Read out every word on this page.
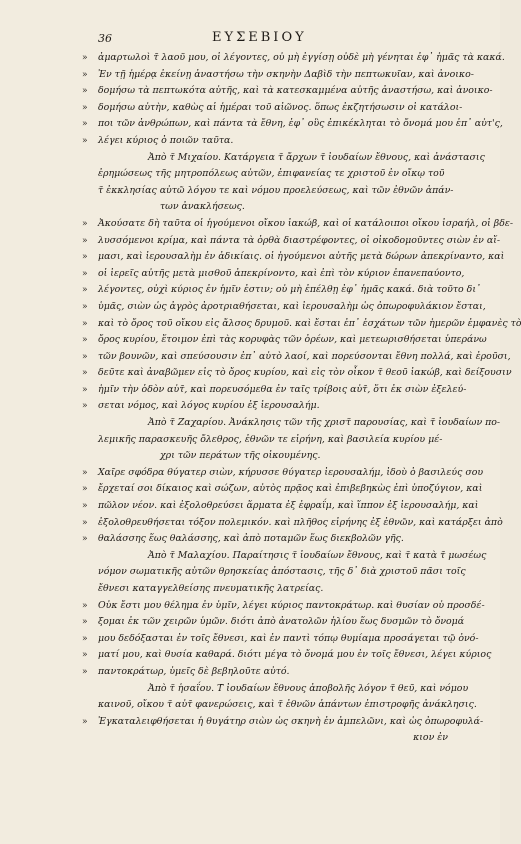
36	ΕΥΣΕΒΙΟΥ
» ἀμαρτωλοὶ τ̃ λαοῦ μου, οἱ λέγοντες, οὐ μὴ ἐγγίσῃ οὐδὲ μὴ γένηται ἐφ᾽ ἡμᾶς τὰ κακά.
» Ἐν τῇ ἡμέρᾳ ἐκείνῃ ἀναστήσω τὴν σκηνὴν Δαβὶδ τὴν πεπτωκυῖαν, καὶ ἀνοικο-
» δομήσω τὰ πεπτωκότα αὐτῆς, καὶ τὰ κατεσκαμμένα αὐτῆς ἀναστήσω, καὶ ἀνοικο-
» δομήσω αὐτὴν, καθὼς αἱ ἡμέραι τοῦ αἰῶνος. ὅπως ἐκζητήσωσιν οἱ κατάλοι-
» ποι τῶν ἀνθρώπων, καὶ πάντα τὰ ἔθνη, ἐφ᾽ οὓς ἐπικέκληται τὸ ὄνομά μου ἐπ᾽ αὐτ'ς,
» λέγει κύριος ὁ ποιῶν ταῦτα.
Ἀπὸ τ̃ Μιχαίου. Κατάργεια τ̃ ἄρχων τ̃ ἰουδαίων ἔθνους, καὶ ἀνάστασις
ἐρημώσεως τῆς μητροπόλεως αὐτῶν, ἐπιφανείας τε χριστοῦ ἐν οἴκῳ τοῦ
τ̃ ἐκκλησίας αὐτῶ λόγου τε καὶ νόμου προελεύσεως, καὶ τῶν ἐθνῶν ἁπάν-
των ἀνακλήσεως.
» Ἀκούσατε δὴ ταῦτα οἱ ἡγούμενοι οἴκου ἰακώβ, καὶ οἱ κατάλοιποι οἴκου ἰσραήλ, οἱ βδε-
» λυσσόμενοι κρίμα, καὶ πάντα τὰ ὀρθὰ διαστρέφοντες, οἱ οἰκοδομοῦντες σιὼν ἐν αἵ-
» μασι, καὶ ἰερουσαλὴμ ἐν ἀδικίαις. οἱ ἡγούμενοι αὐτῆς μετὰ δώρων ἀπεκρίναντο, καὶ
» οἱ ἱερεῖς αὐτῆς μετὰ μισθοῦ ἀπεκρίνοντο, καὶ ἐπὶ τὸν κύριον ἐπανεπαύοντο,
» λέγοντες, οὐχὶ κύριος ἐν ἡμῖν ἐστιν; οὐ μὴ ἐπέλθῃ ἐφ᾽ ἡμᾶς κακά. διὰ τοῦτο δι᾽
» ὑμᾶς, σιὼν ὡς ἀγρὸς ἀροτριαθήσεται, καὶ ἰερουσαλὴμ ὡς ὀπωροφυλάκιον ἔσται,
» καὶ τὸ ὄρος τοῦ οἴκου εἰς ἄλσος δρυμοῦ. καὶ ἔσται ἐπ᾽ ἐσχάτων τῶν ἡμερῶν ἐμφανὲς τὸ
» ὄρος κυρίου, ἕτοιμον ἐπὶ τὰς κορυφὰς τῶν ὀρέων, καὶ μετεωρισθήσεται ὑπεράνω
» τῶν βουνῶν, καὶ σπεύσουσιν ἐπ᾽ αὐτὸ λαοί, καὶ πορεύσονται ἔθνη πολλά, καὶ ἐροῦσι,
» δεῦτε καὶ ἀναβῶμεν εἰς τὸ ὄρος κυρίου, καὶ εἰς τὸν οἶκον τ̃ θεοῦ ἰακώβ, καὶ δείξουσιν
» ἡμῖν τὴν ὁδὸν αὐτ̃, καὶ πορευσόμεθα ἐν ταῖς τρίβοις αὐτ̃, ὅτι ἐκ σιὼν ἐξελεύ-
» σεται νόμος, καὶ λόγος κυρίου ἐξ ἰερουσαλήμ.
Ἀπὸ τ̃ Ζαχαρίου. Ἀνάκλησις τῶν τῆς χριστ̃ παρουσίας, καὶ τ̃ ἰουδαίων πο-
λεμικῆς παρασκευῆς ὄλεθρος, ἐθνῶν τε εἰρήνη, καὶ βασιλεία κυρίου μέ-
χρι τῶν περάτων τῆς οἰκουμένης.
» Χαῖρε σφόδρα θύγατερ σιὼν, κήρυσσε θύγατερ ἰερουσαλήμ, ἰδοὺ ὁ βασιλεύς σου
» ἔρχεταί σοι δίκαιος καὶ σώζων, αὐτὸς πρᾷος καὶ ἐπιβεβηκὼς ἐπὶ ὑποζύγιον, καὶ
» πῶλον νέον. καὶ ἐξολοθρεύσει ἅρματα ἐξ ἐφραΐμ, καὶ ἵππον ἐξ ἰερουσαλήμ, καὶ
» ἐξολοθρευθήσεται τόξον πολεμικόν. καὶ πλῆθος εἰρήνης ἐξ ἐθνῶν, καὶ κατάρξει ἀπὸ
» θαλάσσης ἕως θαλάσσης, καὶ ἀπὸ ποταμῶν ἕως διεκβολῶν γῆς.
Ἀπὸ τ̃ Μαλαχίου. Παραίτησις τ̃ ἰουδαίων ἔθνους, καὶ τ̃ κατὰ τ̃ μωσέως
νόμον σωματικῆς αὐτῶν θρησκείας ἀπόστασις, τῆς δ᾽ διὰ χριστοῦ πᾶσι τοῖς
ἔθνεσι καταγγελθείσης πνευματικῆς λατρείας.
» Οὐκ ἔστι μου θέλημα ἐν ὑμῖν, λέγει κύριος παντοκράτωρ. καὶ θυσίαν οὐ προσδέ-
» ξομαι ἐκ τῶν χειρῶν ὑμῶν. διότι ἀπὸ ἀνατολῶν ἡλίου ἕως δυσμῶν τὸ ὄνομά
» μου δεδόξασται ἐν τοῖς ἔθνεσι, καὶ ἐν παντὶ τόπῳ θυμίαμα προσάγεται τῷ ὀνό-
» ματί μου, καὶ θυσία καθαρά. διότι μέγα τὸ ὄνομά μου ἐν τοῖς ἔθνεσι, λέγει κύριος
» παντοκράτωρ, ὑμεῖς δὲ βεβηλοῦτε αὐτό.
Ἀπὸ τ̃ ἡσαΐου. Τ̃ ἰουδαίων ἔθνους ἀποβολῆς λόγον τ̃ θεῦ, καὶ νόμου
καινοῦ, οἴκου τ̃ αὐτ̃ φανερώσεις, καὶ τ̃ ἐθνῶν ἁπάντων ἐπιστροφῆς ἀνάκλησις.
» Ἐγκαταλειφθήσεται ἡ θυγάτηρ σιὼν ὡς σκηνὴ ἐν ἀμπελῶνι, καὶ ὡς ὀπωροφυλά-
κιον ἐν
